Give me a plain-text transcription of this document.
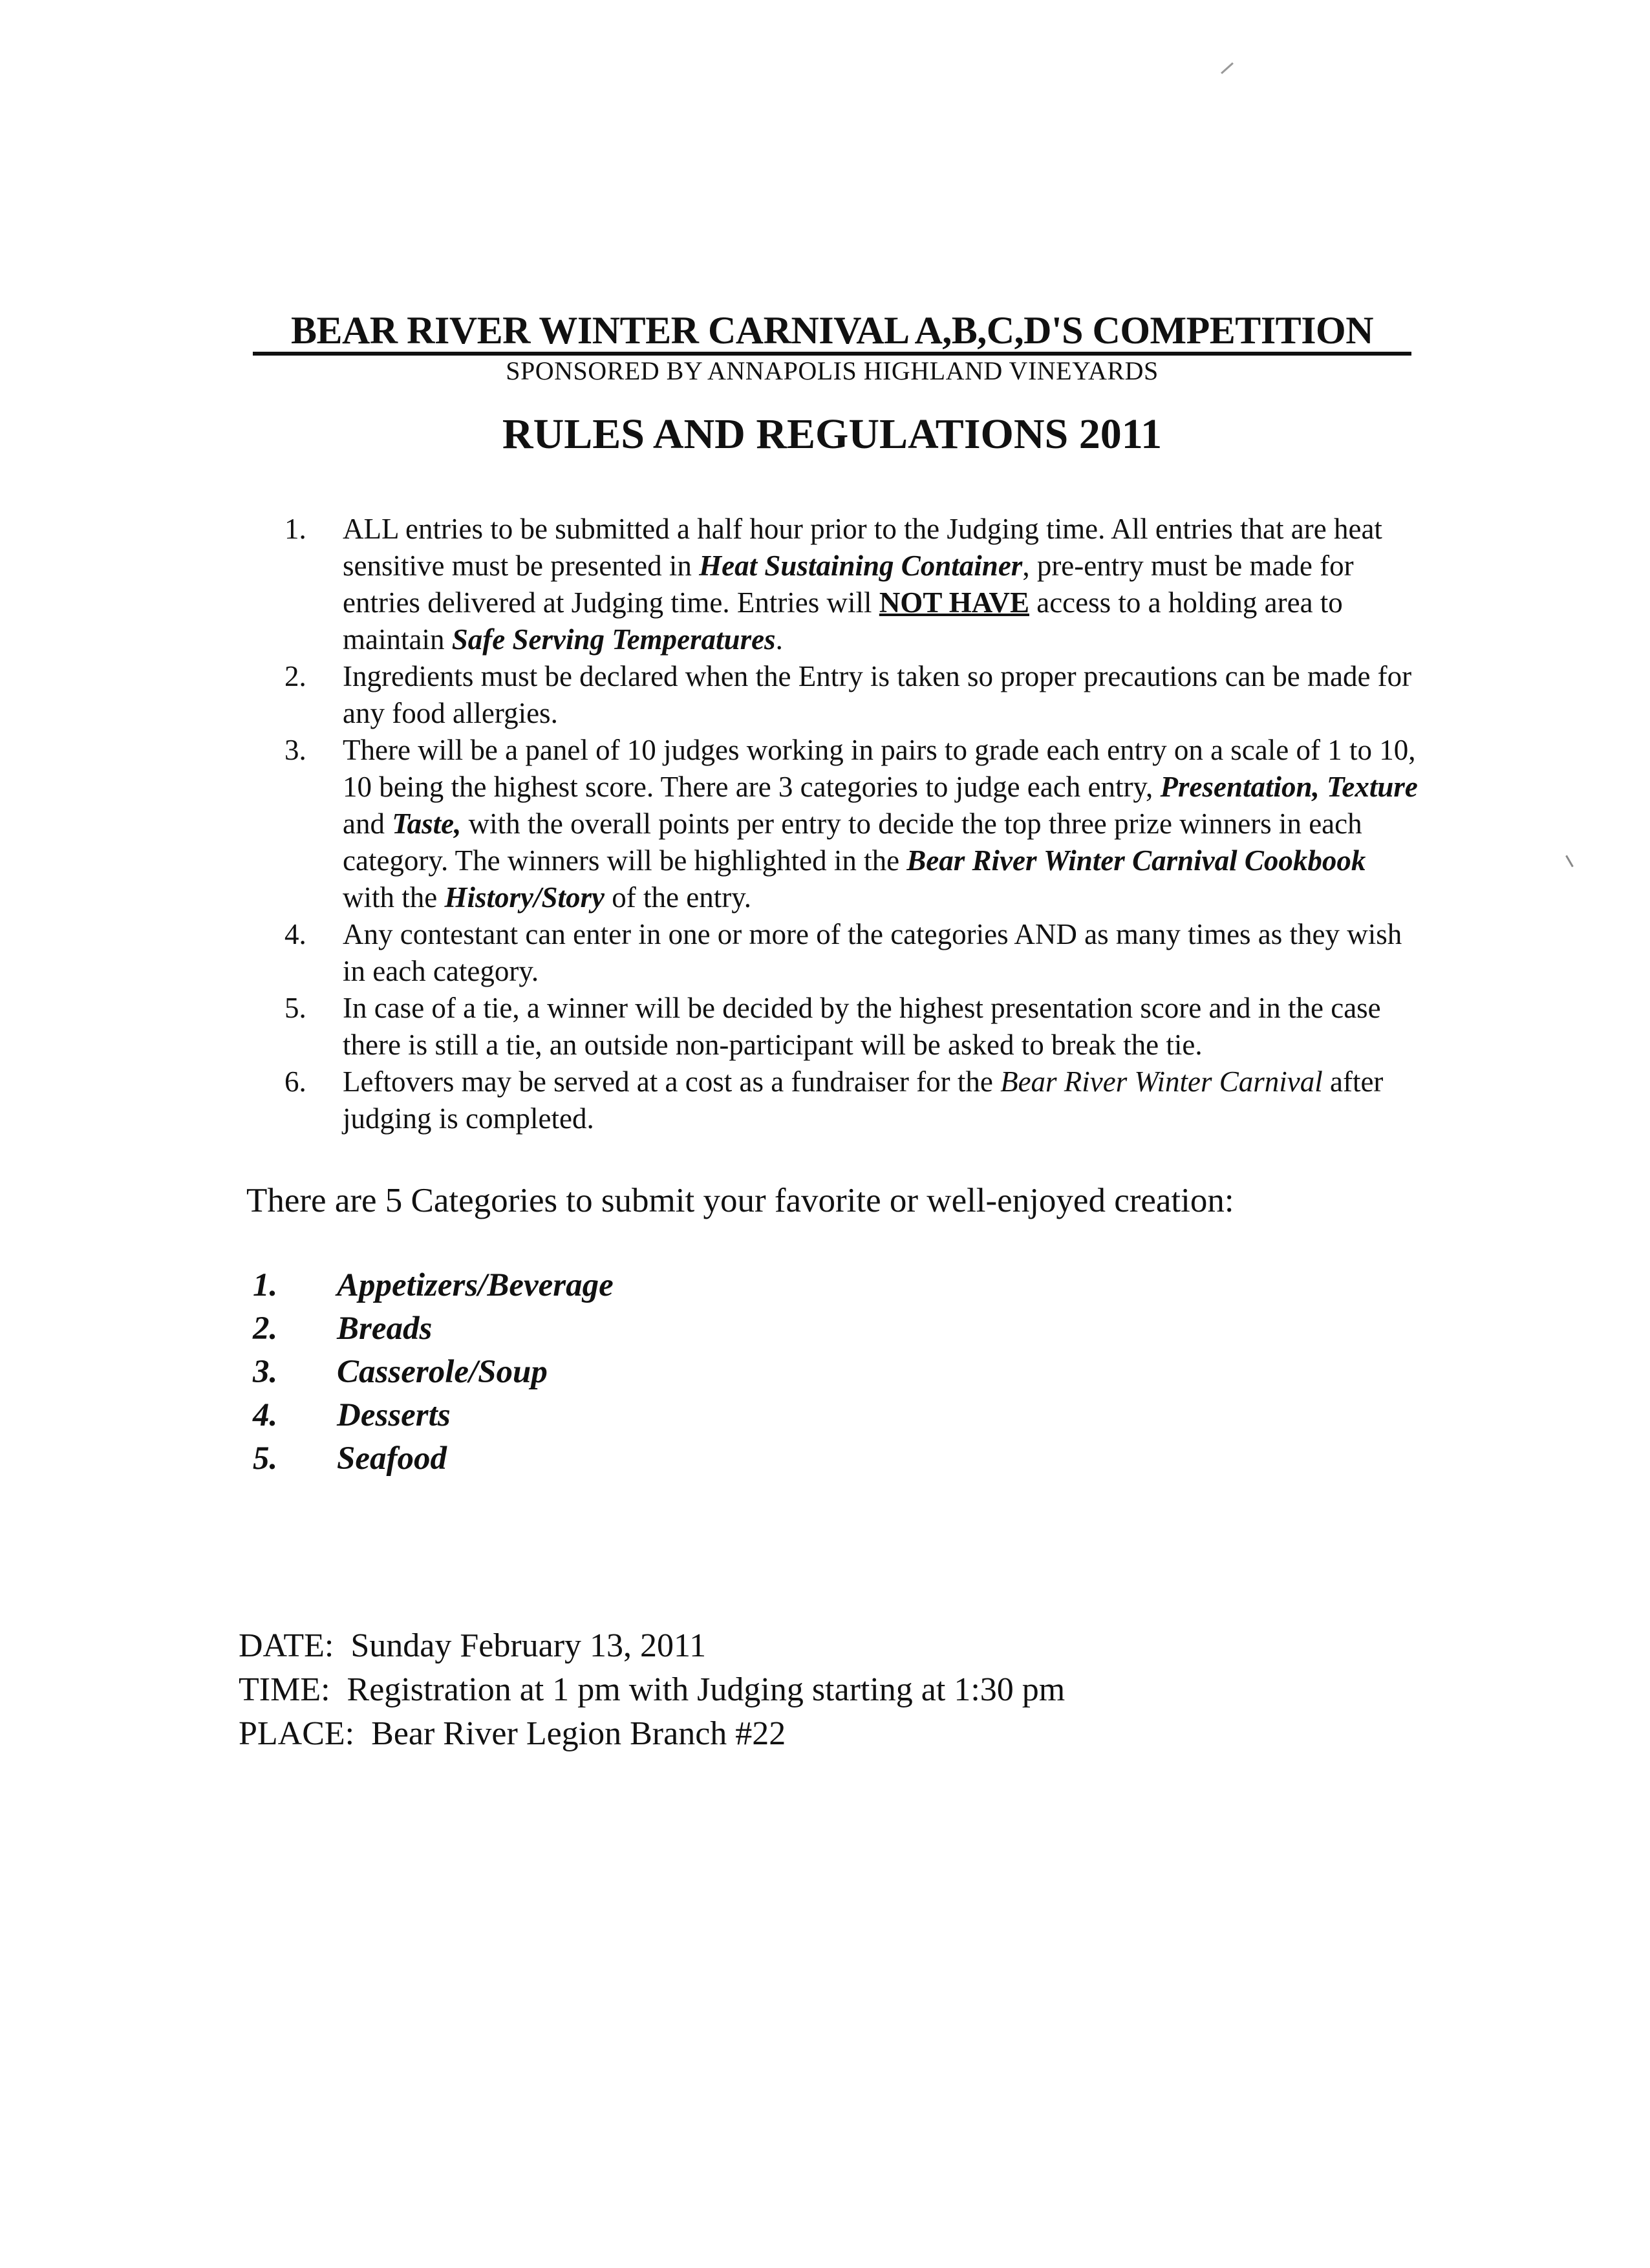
BEAR RIVER WINTER CARNIVAL A,B,C,D'S COMPETITION
SPONSORED BY ANNAPOLIS HIGHLAND VINEYARDS
RULES AND REGULATIONS 2011
1.	ALL entries to be submitted a half hour prior to the Judging time. All entries that are heat sensitive must be presented in Heat Sustaining Container, pre-entry must be made for entries delivered at Judging time. Entries will NOT HAVE access to a holding area to maintain Safe Serving Temperatures.
2.	Ingredients must be declared when the Entry is taken so proper precautions can be made for any food allergies.
3.	There will be a panel of 10 judges working in pairs to grade each entry on a scale of 1 to 10, 10 being the highest score. There are 3 categories to judge each entry, Presentation, Texture and Taste, with the overall points per entry to decide the top three prize winners in each category. The winners will be highlighted in the Bear River Winter Carnival Cookbook with the History/Story of the entry.
4.	Any contestant can enter in one or more of the categories AND as many times as they wish in each category.
5.	In case of a tie, a winner will be decided by the highest presentation score and in the case there is still a tie, an outside non-participant will be asked to break the tie.
6.	Leftovers may be served at a cost as a fundraiser for the Bear River Winter Carnival after judging is completed.
There are 5 Categories to submit your favorite or well-enjoyed creation:
1.	Appetizers/Beverage
2.	Breads
3.	Casserole/Soup
4.	Desserts
5.	Seafood
DATE: Sunday February 13, 2011
TIME: Registration at 1 pm with Judging starting at 1:30 pm
PLACE: Bear River Legion Branch #22
